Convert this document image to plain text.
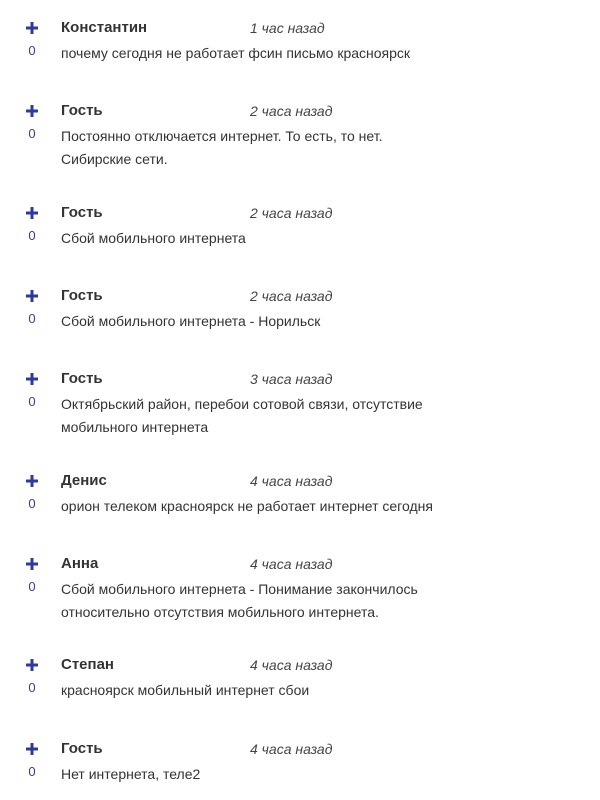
0
Константин	1 час назад
почему сегодня не работает фсин письмо красноярск
0
Гость	2 часа назад
Постоянно отключается интернет. То есть, то нет. Сибирские сети.
0
Гость	2 часа назад
Сбой мобильного интернета
0
Гость	2 часа назад
Сбой мобильного интернета - Норильск
0
Гость	3 часа назад
Октябрьский район, перебои сотовой связи, отсутствие мобильного интернета
0
Денис	4 часа назад
орион телеком красноярск не работает интернет сегодня
0
Анна	4 часа назад
Сбой мобильного интернета - Понимание закончилось относительно отсутствия мобильного интернета.
0
Степан	4 часа назад
красноярск мобильный интернет сбои
0
Гость	4 часа назад
Нет интернета, теле2
